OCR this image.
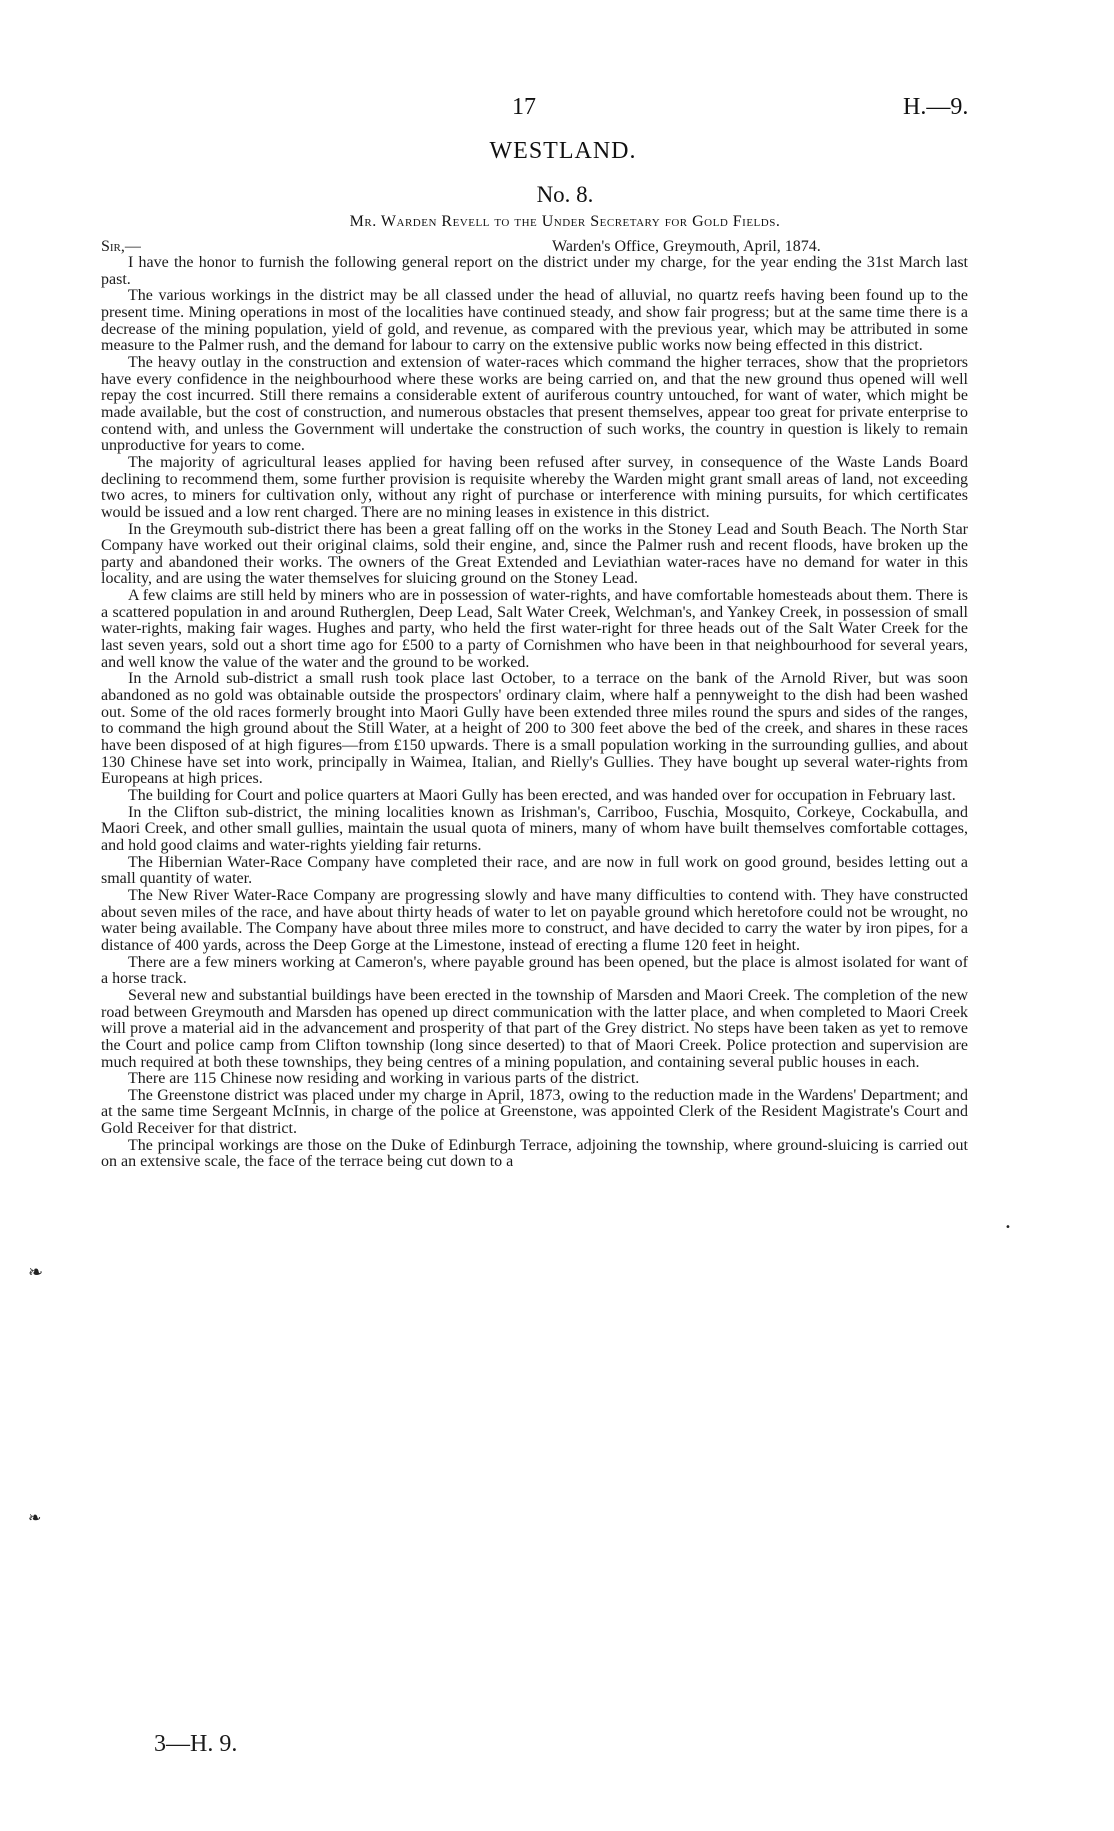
17	H.—9.
WESTLAND.
No. 8.
Mr. Warden Revell to the Under Secretary for Gold Fields.
Sir,—	Warden's Office, Greymouth, April, 1874.

I have the honor to furnish the following general report on the district under my charge, for the year ending the 31st March last past.

The various workings in the district may be all classed under the head of alluvial, no quartz reefs having been found up to the present time. Mining operations in most of the localities have continued steady, and show fair progress; but at the same time there is a decrease of the mining population, yield of gold, and revenue, as compared with the previous year, which may be attributed in some measure to the Palmer rush, and the demand for labour to carry on the extensive public works now being effected in this district.

The heavy outlay in the construction and extension of water-races which command the higher terraces, show that the proprietors have every confidence in the neighbourhood where these works are being carried on, and that the new ground thus opened will well repay the cost incurred. Still there remains a considerable extent of auriferous country untouched, for want of water, which might be made available, but the cost of construction, and numerous obstacles that present themselves, appear too great for private enterprise to contend with, and unless the Government will undertake the construction of such works, the country in question is likely to remain unproductive for years to come.

The majority of agricultural leases applied for having been refused after survey, in consequence of the Waste Lands Board declining to recommend them, some further provision is requisite whereby the Warden might grant small areas of land, not exceeding two acres, to miners for cultivation only, without any right of purchase or interference with mining pursuits, for which certificates would be issued and a low rent charged. There are no mining leases in existence in this district.

In the Greymouth sub-district there has been a great falling off on the works in the Stoney Lead and South Beach. The North Star Company have worked out their original claims, sold their engine, and, since the Palmer rush and recent floods, have broken up the party and abandoned their works. The owners of the Great Extended and Leviathian water-races have no demand for water in this locality, and are using the water themselves for sluicing ground on the Stoney Lead.

A few claims are still held by miners who are in possession of water-rights, and have comfortable homesteads about them. There is a scattered population in and around Rutherglen, Deep Lead, Salt Water Creek, Welchman's, and Yankey Creek, in possession of small water-rights, making fair wages. Hughes and party, who held the first water-right for three heads out of the Salt Water Creek for the last seven years, sold out a short time ago for £500 to a party of Cornishmen who have been in that neighbourhood for several years, and well know the value of the water and the ground to be worked.

In the Arnold sub-district a small rush took place last October, to a terrace on the bank of the Arnold River, but was soon abandoned as no gold was obtainable outside the prospectors' ordinary claim, where half a pennyweight to the dish had been washed out. Some of the old races formerly brought into Maori Gully have been extended three miles round the spurs and sides of the ranges, to command the high ground about the Still Water, at a height of 200 to 300 feet above the bed of the creek, and shares in these races have been disposed of at high figures—from £150 upwards. There is a small population working in the surrounding gullies, and about 130 Chinese have set into work, principally in Waimea, Italian, and Rielly's Gullies. They have bought up several water-rights from Europeans at high prices.

The building for Court and police quarters at Maori Gully has been erected, and was handed over for occupation in February last.

In the Clifton sub-district, the mining localities known as Irishman's, Carriboo, Fuschia, Mosquito, Corkeye, Cockabulla, and Maori Creek, and other small gullies, maintain the usual quota of miners, many of whom have built themselves comfortable cottages, and hold good claims and water-rights yielding fair returns.

The Hibernian Water-Race Company have completed their race, and are now in full work on good ground, besides letting out a small quantity of water.

The New River Water-Race Company are progressing slowly and have many difficulties to contend with. They have constructed about seven miles of the race, and have about thirty heads of water to let on payable ground which heretofore could not be wrought, no water being available. The Company have about three miles more to construct, and have decided to carry the water by iron pipes, for a distance of 400 yards, across the Deep Gorge at the Limestone, instead of erecting a flume 120 feet in height.

There are a few miners working at Cameron's, where payable ground has been opened, but the place is almost isolated for want of a horse track.

Several new and substantial buildings have been erected in the township of Marsden and Maori Creek. The completion of the new road between Greymouth and Marsden has opened up direct communication with the latter place, and when completed to Maori Creek will prove a material aid in the advancement and prosperity of that part of the Grey district. No steps have been taken as yet to remove the Court and police camp from Clifton township (long since deserted) to that of Maori Creek. Police protection and supervision are much required at both these townships, they being centres of a mining population, and containing several public houses in each.

There are 115 Chinese now residing and working in various parts of the district.

The Greenstone district was placed under my charge in April, 1873, owing to the reduction made in the Wardens' Department; and at the same time Sergeant McInnis, in charge of the police at Greenstone, was appointed Clerk of the Resident Magistrate's Court and Gold Receiver for that district.

The principal workings are those on the Duke of Edinburgh Terrace, adjoining the township, where ground-sluicing is carried out on an extensive scale, the face of the terrace being cut down to a

3—H. 9.
❧
❧
•
